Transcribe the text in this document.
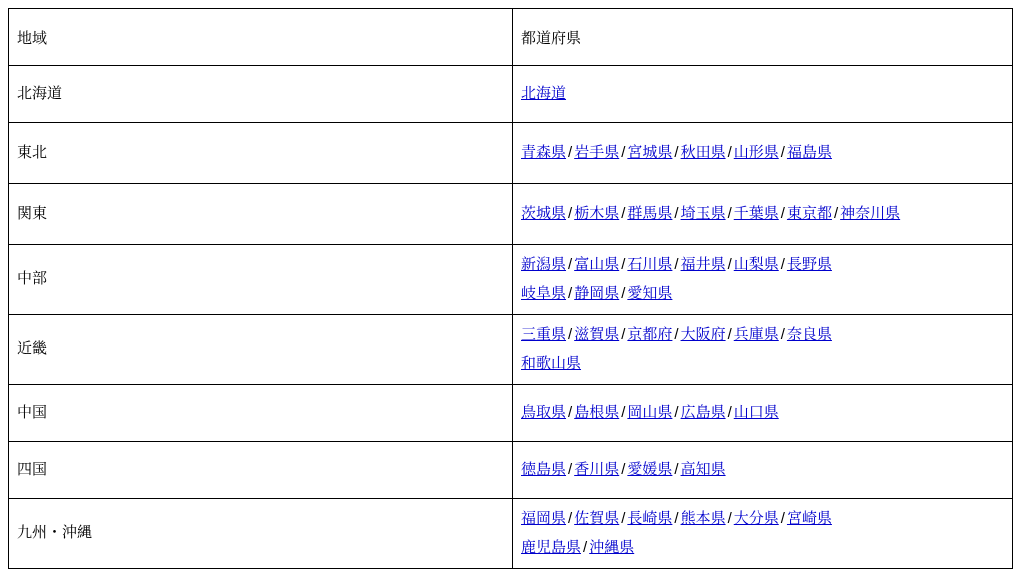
地域	都道府県
北海道	北海道
東北	青森県 / 岩手県 / 宮城県 / 秋田県 / 山形県 / 福島県
関東	茨城県 / 栃木県 / 群馬県 / 埼玉県 / 千葉県 / 東京都 / 神奈川県
中部	新潟県 / 富山県 / 石川県 / 福井県 / 山梨県 / 長野県
岐阜県 / 静岡県 / 愛知県
近畿	三重県 / 滋賀県 / 京都府 / 大阪府 / 兵庫県 / 奈良県
和歌山県
中国	鳥取県 / 島根県 / 岡山県 / 広島県 / 山口県
四国	徳島県 / 香川県 / 愛媛県 / 高知県
九州・沖縄	福岡県 / 佐賀県 / 長崎県 / 熊本県 / 大分県 / 宮崎県
鹿児島県 / 沖縄県
